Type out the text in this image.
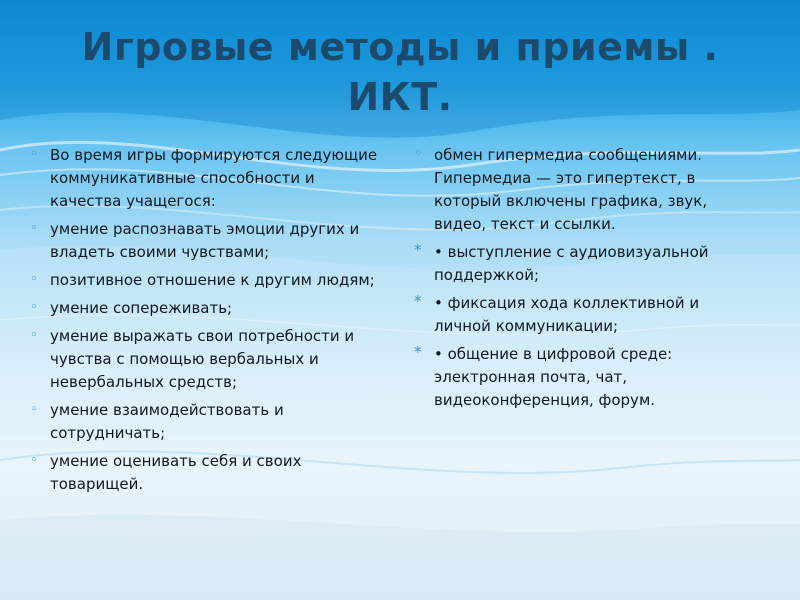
Игровые методы и приемы .
ИКТ.
◦ Во время игры формируются следующие коммуникативные способности и качества учащегося:
◦ умение распознавать эмоции других и владеть своими чувствами;
◦ позитивное отношение к другим людям;
◦ умение сопереживать;
◦ умение выражать свои потребности и чувства с помощью вербальных и невербальных средств;
◦ умение взаимодействовать и сотрудничать;
◦ умение оценивать себя и своих товарищей.
◦ обмен гипермедиа сообщениями. Гипермедиа — это гипертекст, в который включены графика, звук, видео, текст и ссылки.
* • выступление с аудиовизуальной поддержкой;
* • фиксация хода коллективной и личной коммуникации;
* • общение в цифровой среде: электронная почта, чат, видеоконференция, форум.
